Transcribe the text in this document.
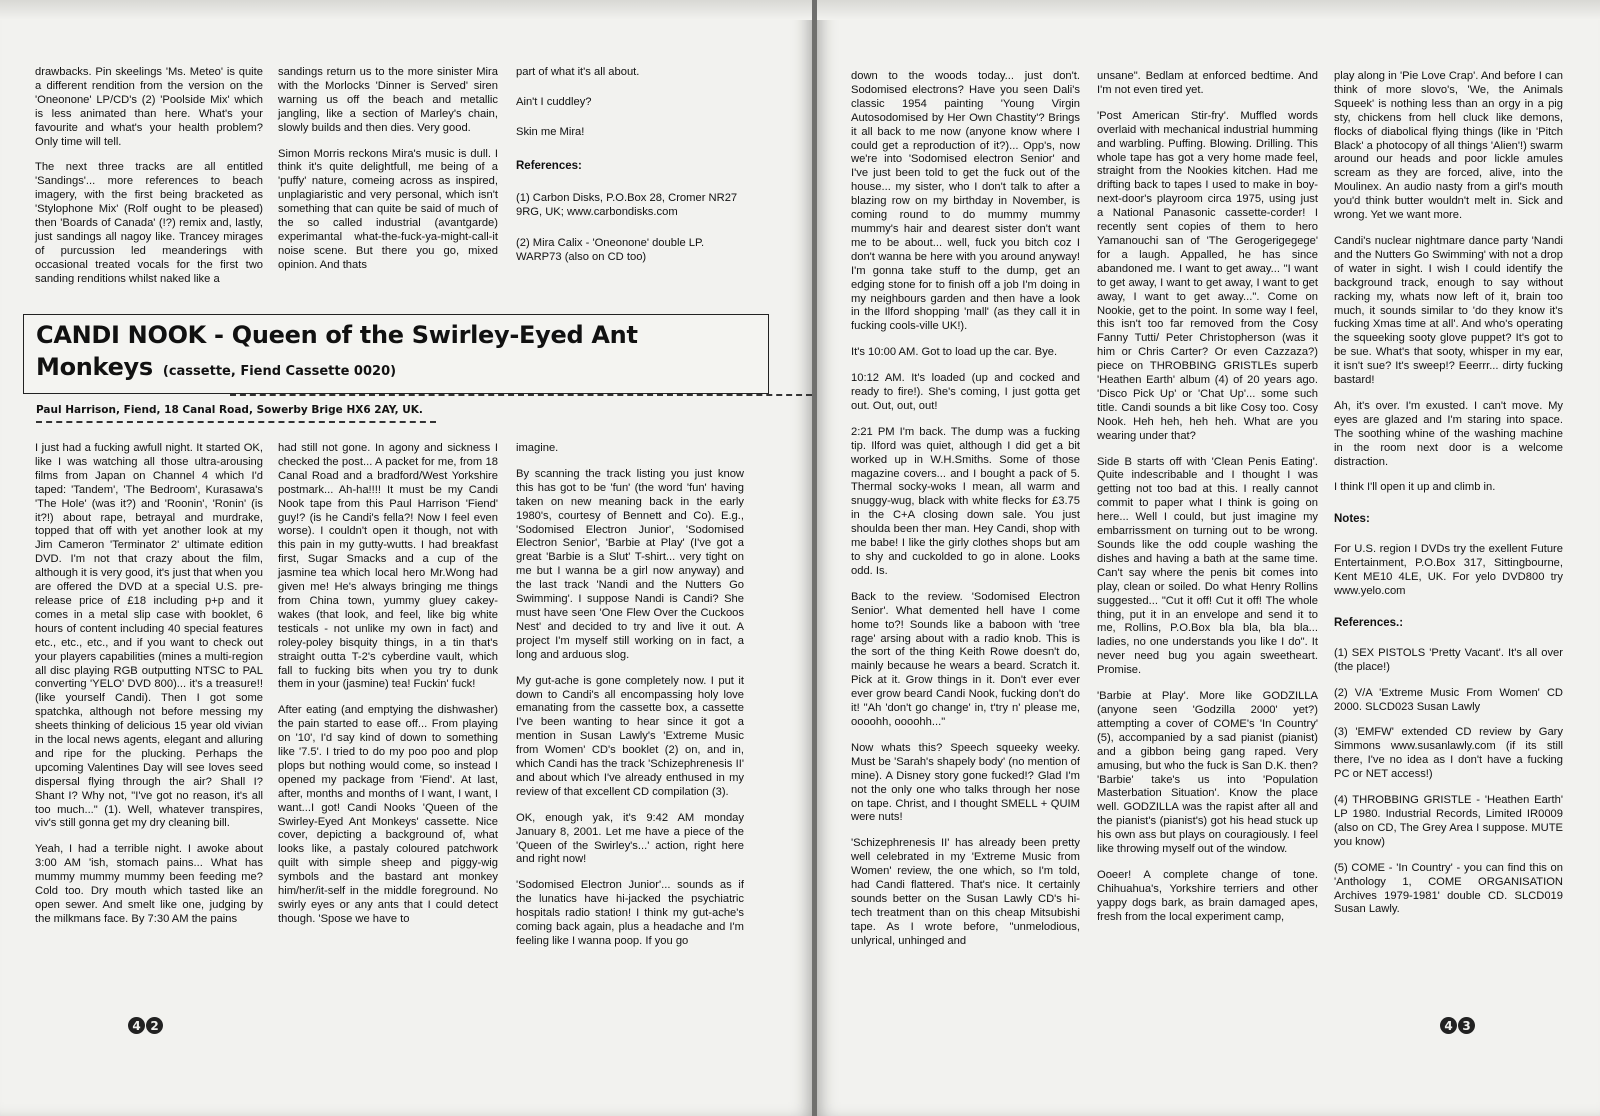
drawbacks. Pin skeelings 'Ms. Meteo' is quite a different rendition from the version on the 'Oneonone' LP/CD's (2) 'Poolside Mix' which is less animated than here. What's your favourite and what's your health problem? Only time will tell.

The next three tracks are all entitled 'Sandings'... more references to beach imagery, with the first being bracketed as 'Stylophone Mix' (Rolf ought to be pleased) then 'Boards of Canada' (!?) remix and, lastly, just sandings all nagoy like. Trancey mirages of purcussion led meanderings with occasional treated vocals for the first two sanding renditions whilst naked like a

sandings return us to the more sinister Mira with the Morlocks 'Dinner is Served' siren warning us off the beach and metallic jangling, like a section of Marley's chain, slowly builds and then dies. Very good.

Simon Morris reckons Mira's music is dull. I think it's quite delightfull, me being of a 'puffy' nature, comeing across as inspired, unplagiaristic and very personal, which isn't something that can quite be said of much of the so called industrial (avantgarde) experimantal what-the-fuck-ya-might-call-it noise scene. But there you go, mixed opinion. And thats

part of what it's all about.

Ain't I cuddley?

Skin me Mira!

References:

(1) Carbon Disks, P.O.Box 28, Cromer NR27 9RG, UK; www.carbondisks.com

(2) Mira Calix - 'Oneonone' double LP. WARP73 (also on CD too)

CANDI NOOK - Queen of the Swirley-Eyed Ant
Monkeys (cassette, Fiend Cassette 0020)
Paul Harrison, Fiend, 18 Canal Road, Sowerby Brige HX6 2AY, UK.

I just had a fucking awfull night. It started OK, like I was watching all those ultra-arousing films from Japan on Channel 4 which I'd taped: 'Tandem', 'The Bedroom', Kurasawa's 'The Hole' (was it?) and 'Roonin', 'Ronin' (is it?!) about rape, betrayal and murdrake, topped that off with yet another look at my Jim Cameron 'Terminator 2' ultimate edition DVD. I'm not that crazy about the film, although it is very good, it's just that when you are offered the DVD at a special U.S. pre-release price of £18 including p+p and it comes in a metal slip case with booklet, 6 hours of content including 40 special features etc., etc., etc., and if you want to check out your players capabilities (mines a multi-region all disc playing RGB outputting NTSC to PAL converting 'YELO' DVD 800)... it's a treasure!! (like yourself Candi). Then I got some spatchka, although not before messing my sheets thinking of delicious 15 year old vivian in the local news agents, elegant and alluring and ripe for the plucking. Perhaps the upcoming Valentines Day will see loves seed dispersal flying through the air? Shall I? Shant I? Why not, "I've got no reason, it's all too much..." (1). Well, whatever transpires, viv's still gonna get my dry cleaning bill.

Yeah, I had a terrible night. I awoke about 3:00 AM 'ish, stomach pains... What has mummy mummy mummy been feeding me? Cold too. Dry mouth which tasted like an open sewer. And smelt like one, judging by the milkmans face. By 7:30 AM the pains

had still not gone. In agony and sickness I checked the post... A packet for me, from 18 Canal Road and a bradford/West Yorkshire postmark... Ah-ha!!!! It must be my Candi Nook tape from this Paul Harrison 'Fiend' guy!? (is he Candi's fella?! Now I feel even worse). I couldn't open it though, not with this pain in my gutty-wutts. I had breakfast first, Sugar Smacks and a cup of the jasmine tea which local hero Mr.Wong had given me! He's always bringing me things from China town, yummy gluey cakey-wakes (that look, and feel, like big white testicals - not unlike my own in fact) and roley-poley bisquity things, in a tin that's straight outta T-2's cyberdine vault, which fall to fucking bits when you try to dunk them in your (jasmine) tea! Fuckin' fuck!

After eating (and emptying the dishwasher) the pain started to ease off... From playing on '10', I'd say kind of down to something like '7.5'. I tried to do my poo poo and plop plops but nothing would come, so instead I opened my package from 'Fiend'. At last, after, months and months of I want, I want, I want...I got! Candi Nooks 'Queen of the Swirley-Eyed Ant Monkeys' cassette. Nice cover, depicting a background of, what looks like, a pastaly coloured patchwork quilt with simple sheep and piggy-wig symbols and the bastard ant monkey him/her/it-self in the middle foreground. No swirly eyes or any ants that I could detect though. 'Spose we have to

imagine.

By scanning the track listing you just know this has got to be 'fun' (the word 'fun' having taken on new meaning back in the early 1980's, courtesy of Bennett and Co). E.g., 'Sodomised Electron Junior', 'Sodomised Electron Senior', 'Barbie at Play' (I've got a great 'Barbie is a Slut' T-shirt... very tight on me but I wanna be a girl now anyway) and the last track 'Nandi and the Nutters Go Swimming'. I suppose Nandi is Candi? She must have seen 'One Flew Over the Cuckoos Nest' and decided to try and live it out. A project I'm myself still working on in fact, a long and arduous slog.

My gut-ache is gone completely now. I put it down to Candi's all encompassing holy love emanating from the cassette box, a cassette I've been wanting to hear since it got a mention in Susan Lawly's 'Extreme Music from Women' CD's booklet (2) on, and in, which Candi has the track 'Schizephrenesis II' and about which I've already enthused in my review of that excellent CD compilation (3).

OK, enough yak, it's 9:42 AM monday January 8, 2001. Let me have a piece of the 'Queen of the Swirley's...' action, right here and right now!

'Sodomised Electron Junior'... sounds as if the lunatics have hi-jacked the psychiatric hospitals radio station! I think my gut-ache's coming back again, plus a headache and I'm feeling like I wanna poop. If you go

4 2

down to the woods today... just don't. Sodomised electrons? Have you seen Dali's classic 1954 painting 'Young Virgin Autosodomised by Her Own Chastity'? Brings it all back to me now (anyone know where I could get a reproduction of it?)... Opp's, now we're into 'Sodomised electron Senior' and I've just been told to get the fuck out of the house... my sister, who I don't talk to after a blazing row on my birthday in November, is coming round to do mummy mummy mummy's hair and dearest sister don't want me to be about... well, fuck you bitch coz I don't wanna be here with you around anyway! I'm gonna take stuff to the dump, get an edging stone for to finish off a job I'm doing in my neighbours garden and then have a look in the Ilford shopping 'mall' (as they call it in fucking cools-ville UK!).

It's 10:00 AM. Got to load up the car. Bye.

10:12 AM. It's loaded (up and cocked and ready to fire!). She's coming, I just gotta get out. Out, out, out!

2:21 PM I'm back. The dump was a fucking tip. Ilford was quiet, although I did get a bit worked up in W.H.Smiths. Some of those magazine covers... and I bought a pack of 5. Thermal socky-woks I mean, all warm and snuggy-wug, black with white flecks for £3.75 in the C+A closing down sale. You just shoulda been ther man. Hey Candi, shop with me babe! I like the girly clothes shops but am to shy and cuckolded to go in alone. Looks odd. Is.

Back to the review. 'Sodomised Electron Senior'. What demented hell have I come home to?! Sounds like a baboon with 'tree rage' arsing about with a radio knob. This is the sort of the thing Keith Rowe doesn't do, mainly because he wears a beard. Scratch it. Pick at it. Grow things in it. Don't ever ever ever grow beard Candi Nook, fucking don't do it! "Ah 'don't go change' in, t'try n' please me, oooohh, oooohh..."

Now whats this? Speech squeeky weeky. Must be 'Sarah's shapely body' (no mention of mine). A Disney story gone fucked!? Glad I'm not the only one who talks through her nose on tape. Christ, and I thought SMELL + QUIM were nuts!

'Schizephrenesis II' has already been pretty well celebrated in my 'Extreme Music from Women' review, the one which, so I'm told, had Candi flattered. That's nice. It certainly sounds better on the Susan Lawly CD's hi-tech treatment than on this cheap Mitsubishi tape. As I wrote before, "unmelodious, unlyrical, unhinged and

unsane". Bedlam at enforced bedtime. And I'm not even tired yet.

'Post American Stir-fry'. Muffled words overlaid with mechanical industrial humming and warbling. Puffing. Blowing. Drilling. This whole tape has got a very home made feel, straight from the Nookies kitchen. Had me drifting back to tapes I used to make in boy-next-door's playroom circa 1975, using just a National Panasonic cassette-corder! I recently sent copies of them to hero Yamanouchi san of 'The Gerogerigegege' for a laugh. Appalled, he has since abandoned me. I want to get away... "I want to get away, I want to get away, I want to get away, I want to get away...". Come on Nookie, get to the point. In some way I feel, this isn't too far removed from the Cosy Fanny Tutti/ Peter Christopherson (was it him or Chris Carter? Or even Cazzaza?) piece on THROBBING GRISTLEs superb 'Heathen Earth' album (4) of 20 years ago. 'Disco Pick Up' or 'Chat Up'... some such title. Candi sounds a bit like Cosy too. Cosy Nook. Heh heh, heh heh. What are you wearing under that?

Side B starts off with 'Clean Penis Eating'. Quite indescribable and I thought I was getting not too bad at this. I really cannot commit to paper what I think is going on here... Well I could, but just imagine my embarrissment on turning out to be wrong. Sounds like the odd couple washing the dishes and having a bath at the same time. Can't say where the penis bit comes into play, clean or soiled. Do what Henry Rollins suggested... "Cut it off! Cut it off! The whole thing, put it in an envelope and send it to me, Rollins, P.O.Box bla bla, bla bla... ladies, no one understands you like I do". It never need bug you again sweetheart. Promise.

'Barbie at Play'. More like GODZILLA (anyone seen 'Godzilla 2000' yet?) attempting a cover of COME's 'In Country' (5), accompanied by a sad pianist (pianist) and a gibbon being gang raped. Very amusing, but who the fuck is San D.K. then? 'Barbie' take's us into 'Population Masterbation Situation'. Know the place well. GODZILLA was the rapist after all and the pianist's (pianist's) got his head stuck up his own ass but plays on couragiously. I feel like throwing myself out of the window.

Ooeer! A complete change of tone. Chihuahua's, Yorkshire terriers and other yappy dogs bark, as brain damaged apes, fresh from the local experiment camp,

play along in 'Pie Love Crap'. And before I can think of more slovo's, 'We, the Animals Squeek' is nothing less than an orgy in a pig sty, chickens from hell cluck like demons, flocks of diabolical flying things (like in 'Pitch Black' a photocopy of all things 'Alien'!) swarm around our heads and poor lickle amules scream as they are forced, alive, into the Moulinex. An audio nasty from a girl's mouth you'd think butter wouldn't melt in. Sick and wrong. Yet we want more.

Candi's nuclear nightmare dance party 'Nandi and the Nutters Go Swimming' with not a drop of water in sight. I wish I could identify the background track, enough to say without racking my, whats now left of it, brain too much, it sounds similar to 'do they know it's fucking Xmas time at all'. And who's operating the squeeking sooty glove puppet? It's got to be sue. What's that sooty, whisper in my ear, it isn't sue? It's sweep!? Eeerrr... dirty fucking bastard!

Ah, it's over. I'm exusted. I can't move. My eyes are glazed and I'm staring into space. The soothing whine of the washing machine in the room next door is a welcome distraction.

I think I'll open it up and climb in.

Notes:

For U.S. region I DVDs try the exellent Future Entertainment, P.O.Box 317, Sittingbourne, Kent ME10 4LE, UK. For yelo DVD800 try www.yelo.com

References.:

(1) SEX PISTOLS 'Pretty Vacant'. It's all over (the place!)

(2) V/A 'Extreme Music From Women' CD 2000. SLCD023 Susan Lawly

(3) 'EMFW' extended CD review by Gary Simmons www.susanlawly.com (if its still there, I've no idea as I don't have a fucking PC or NET access!)

(4) THROBBING GRISTLE - 'Heathen Earth' LP 1980. Industrial Records, Limited IR0009 (also on CD, The Grey Area I suppose. MUTE you know)

(5) COME - 'In Country' - you can find this on 'Anthology 1, COME ORGANISATION Archives 1979-1981' double CD. SLCD019 Susan Lawly.

4 3
